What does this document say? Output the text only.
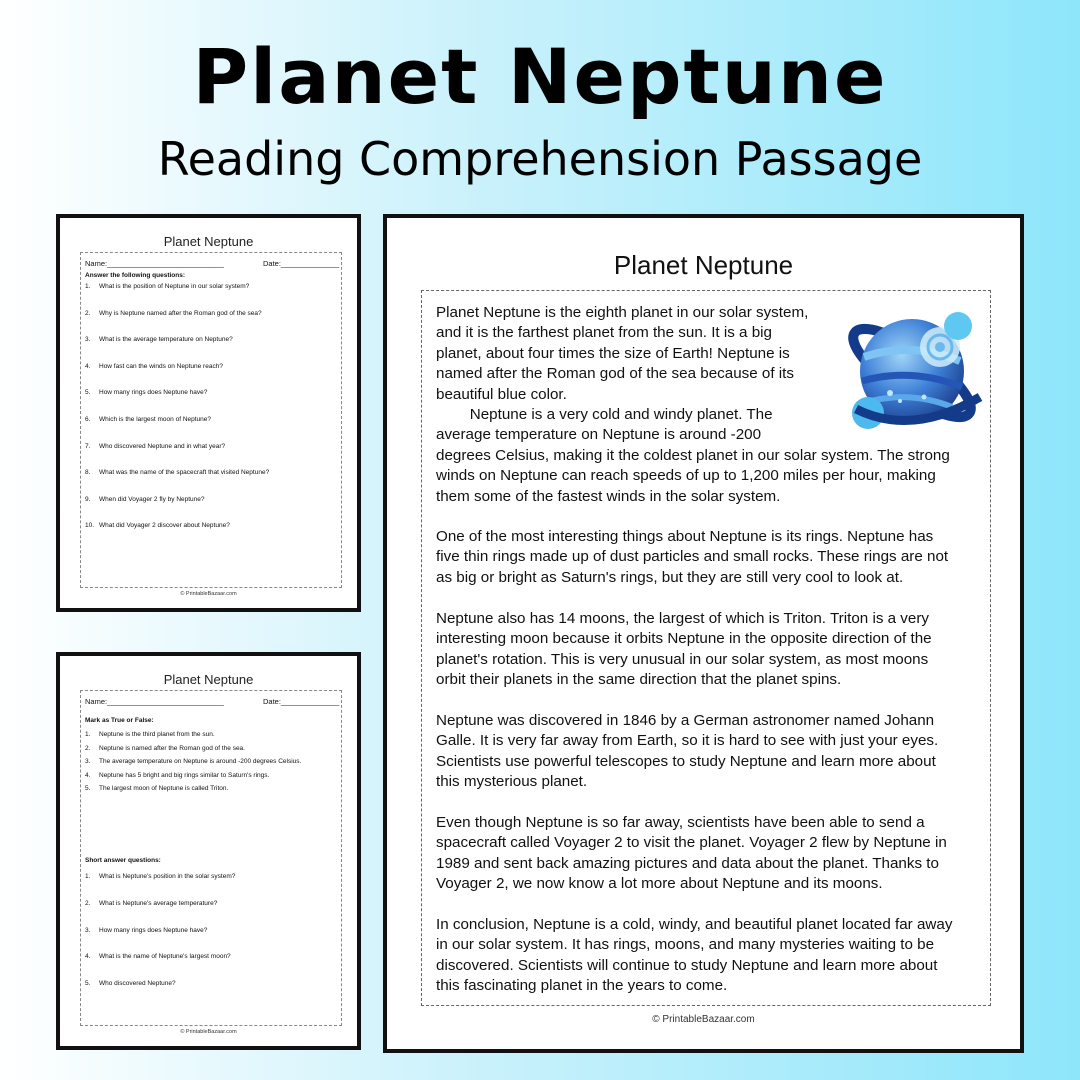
Planet Neptune
Reading Comprehension Passage
Planet Neptune
Name:____________________________	Date:______________
Answer the following questions:
1. What is the position of Neptune in our solar system?
2. Why is Neptune named after the Roman god of the sea?
3. What is the average temperature on Neptune?
4. How fast can the winds on Neptune reach?
5. How many rings does Neptune have?
6. Which is the largest moon of Neptune?
7. Who discovered Neptune and in what year?
8. What was the name of the spacecraft that visited Neptune?
9. When did Voyager 2 fly by Neptune?
10. What did Voyager 2 discover about Neptune?
© PrintableBazaar.com
Planet Neptune
Name:____________________________	Date:______________
Mark as True or False:
1. Neptune is the third planet from the sun.
2. Neptune is named after the Roman god of the sea.
3. The average temperature on Neptune is around -200 degrees Celsius.
4. Neptune has 5 bright and big rings similar to Saturn's rings.
5. The largest moon of Neptune is called Triton.
Short answer questions:
1. What is Neptune's position in the solar system?
2. What is Neptune's average temperature?
3. How many rings does Neptune have?
4. What is the name of Neptune's largest moon?
5. Who discovered Neptune?
© PrintableBazaar.com
Planet Neptune
Planet Neptune is the eighth planet in our solar system,
and it is the farthest planet from the sun. It is a big
planet, about four times the size of Earth! Neptune is
named after the Roman god of the sea because of its
beautiful blue color.
Neptune is a very cold and windy planet. The
average temperature on Neptune is around -200
degrees Celsius, making it the coldest planet in our solar system. The strong
winds on Neptune can reach speeds of up to 1,200 miles per hour, making
them some of the fastest winds in the solar system.
One of the most interesting things about Neptune is its rings. Neptune has
five thin rings made up of dust particles and small rocks. These rings are not
as big or bright as Saturn's rings, but they are still very cool to look at.
Neptune also has 14 moons, the largest of which is Triton. Triton is a very
interesting moon because it orbits Neptune in the opposite direction of the
planet's rotation. This is very unusual in our solar system, as most moons
orbit their planets in the same direction that the planet spins.
Neptune was discovered in 1846 by a German astronomer named Johann
Galle. It is very far away from Earth, so it is hard to see with just your eyes.
Scientists use powerful telescopes to study Neptune and learn more about
this mysterious planet.
Even though Neptune is so far away, scientists have been able to send a
spacecraft called Voyager 2 to visit the planet. Voyager 2 flew by Neptune in
1989 and sent back amazing pictures and data about the planet. Thanks to
Voyager 2, we now know a lot more about Neptune and its moons.
In conclusion, Neptune is a cold, windy, and beautiful planet located far away
in our solar system. It has rings, moons, and many mysteries waiting to be
discovered. Scientists will continue to study Neptune and learn more about
this fascinating planet in the years to come.
© PrintableBazaar.com
